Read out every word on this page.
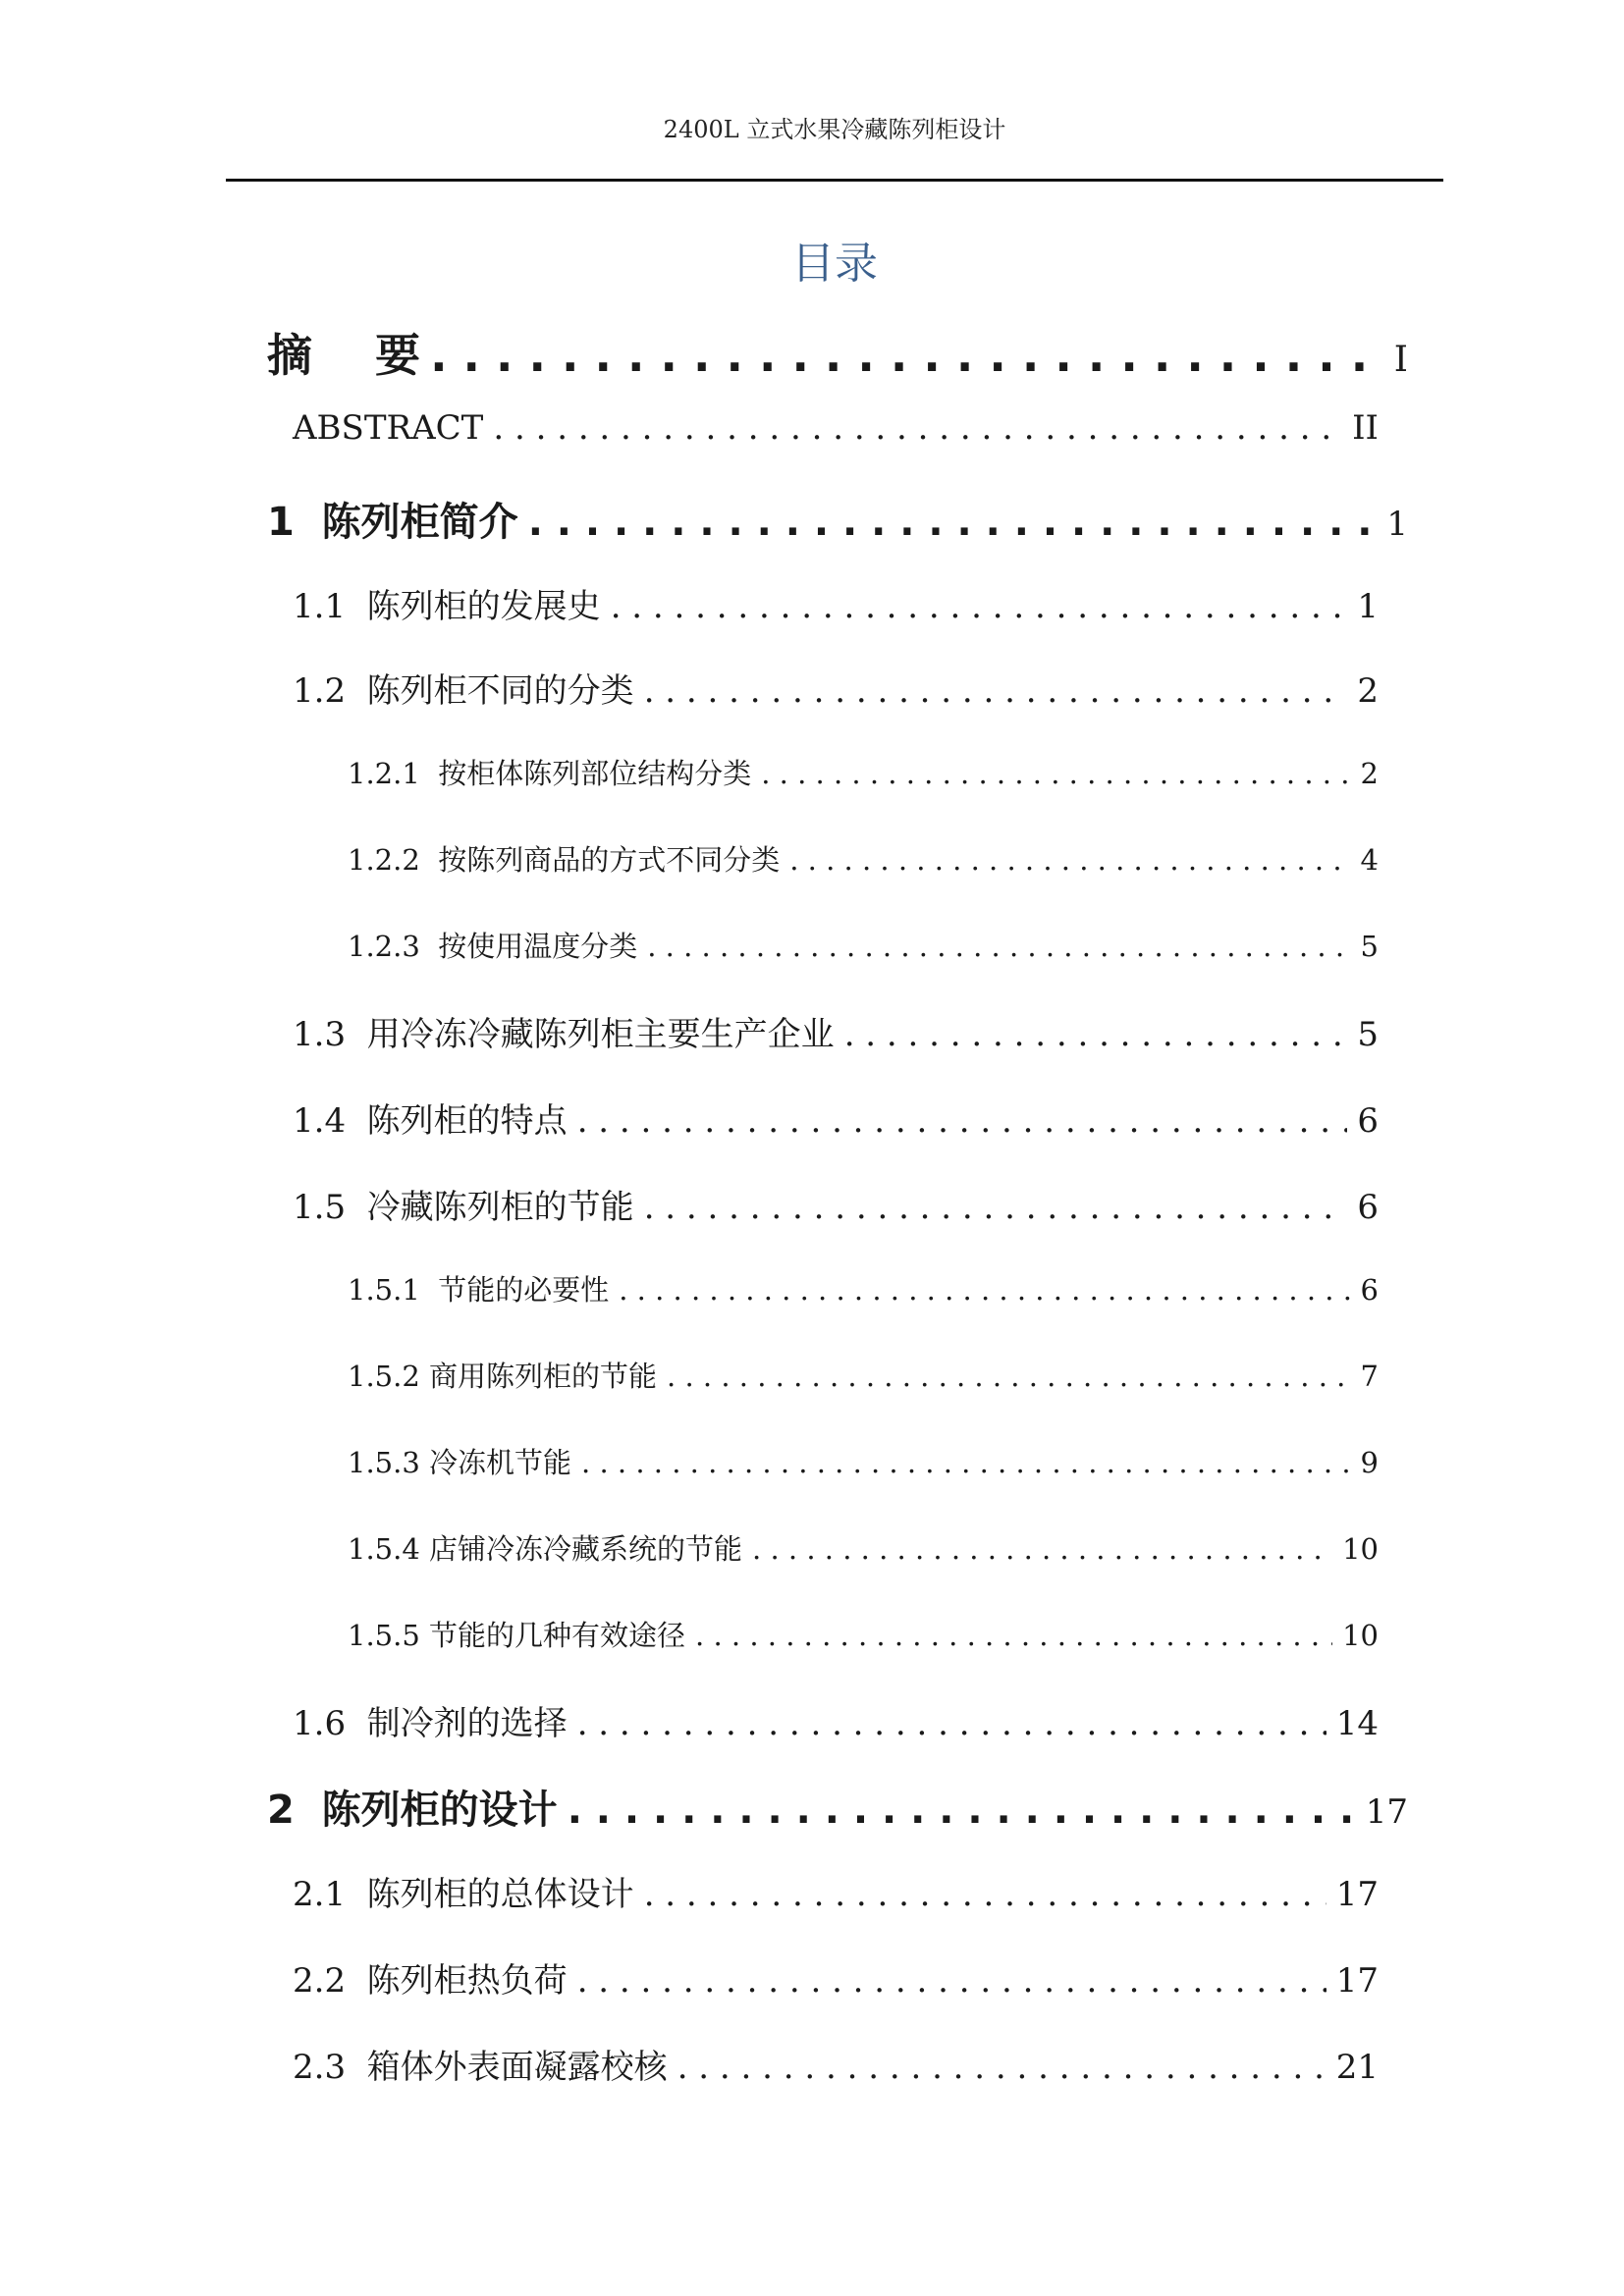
2400L 立式水果冷藏陈列柜设计
目录
摘    要 . . .	I
ABSTRACT . . .	II
1  陈列柜简介 . . .	1
1.1  陈列柜的发展史 . . .	1
1.2  陈列柜不同的分类 . . .	2
1.2.1  按柜体陈列部位结构分类 . . .	2
1.2.2  按陈列商品的方式不同分类 . . .	4
1.2.3  按使用温度分类 . . .	5
1.3  用冷冻冷藏陈列柜主要生产企业 . . .	5
1.4  陈列柜的特点 . . .	6
1.5  冷藏陈列柜的节能 . . .	6
1.5.1  节能的必要性 . . .	6
1.5.2 商用陈列柜的节能 . . .	7
1.5.3 冷冻机节能 . . .	9
1.5.4 店铺冷冻冷藏系统的节能 . . .	10
1.5.5 节能的几种有效途径 . . .	10
1.6  制冷剂的选择 . . .	14
2  陈列柜的设计 . . .	17
2.1  陈列柜的总体设计 . . .	17
2.2  陈列柜热负荷 . . .	17
2.3  箱体外表面凝露校核 . . .	21
